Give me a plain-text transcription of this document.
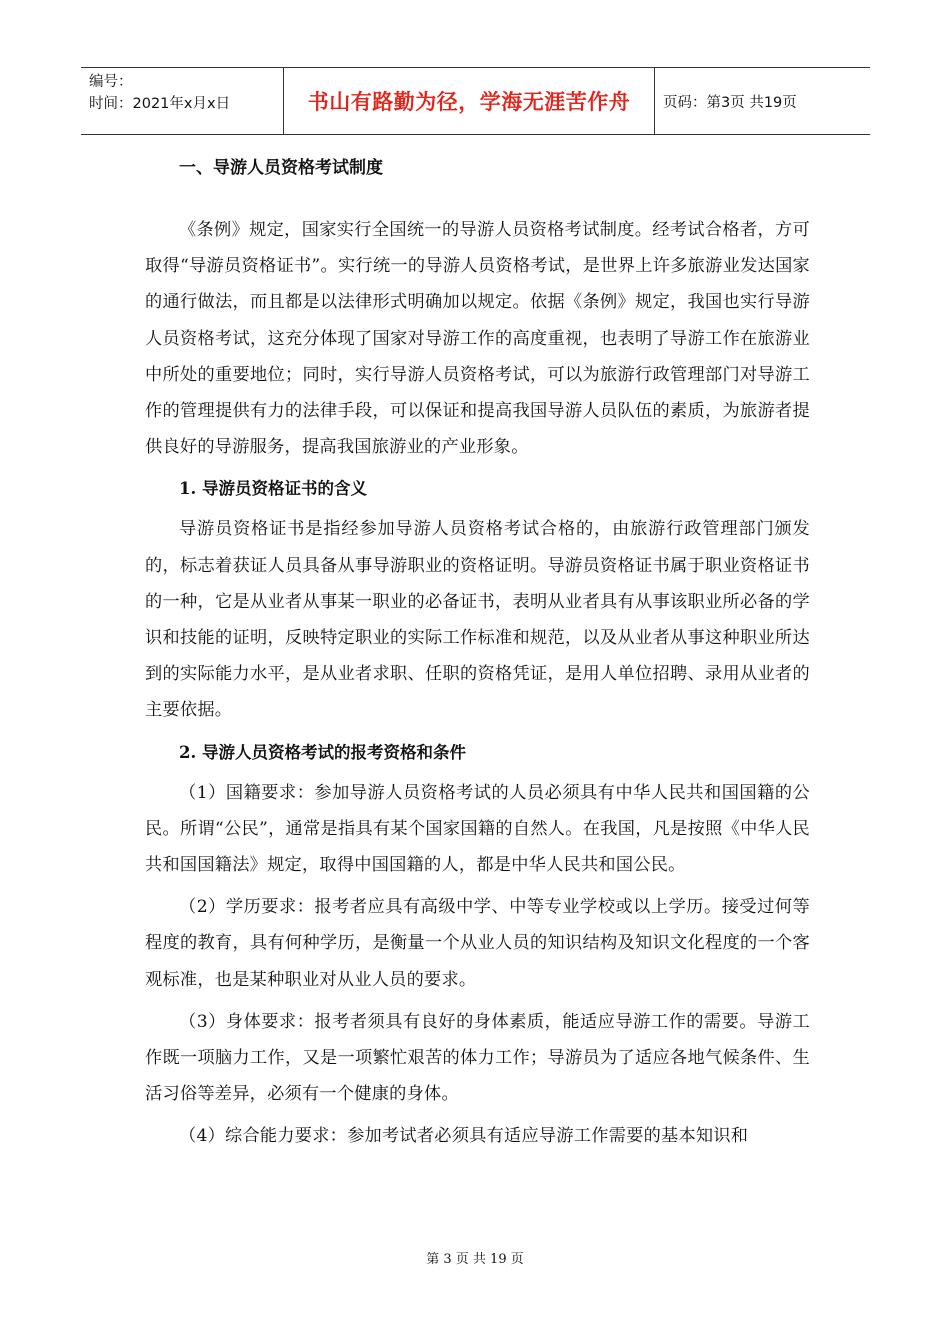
编号：
时间：2021年x月x日	书山有路勤为径，学海无涯苦作舟	页码：第3页 共19页
一、导游人员资格考试制度

《条例》规定，国家实行全国统一的导游人员资格考试制度。经考试合格者，方可取得“导游员资格证书”。实行统一的导游人员资格考试，是世界上许多旅游业发达国家的通行做法，而且都是以法律形式明确加以规定。依据《条例》规定，我国也实行导游人员资格考试，这充分体现了国家对导游工作的高度重视，也表明了导游工作在旅游业中所处的重要地位；同时，实行导游人员资格考试，可以为旅游行政管理部门对导游工作的管理提供有力的法律手段，可以保证和提高我国导游人员队伍的素质，为旅游者提供良好的导游服务，提高我国旅游业的产业形象。

1. 导游员资格证书的含义

导游员资格证书是指经参加导游人员资格考试合格的，由旅游行政管理部门颁发的，标志着获证人员具备从事导游职业的资格证明。导游员资格证书属于职业资格证书的一种，它是从业者从事某一职业的必备证书，表明从业者具有从事该职业所必备的学识和技能的证明，反映特定职业的实际工作标准和规范，以及从业者从事这种职业所达到的实际能力水平，是从业者求职、任职的资格凭证，是用人单位招聘、录用从业者的主要依据。

2. 导游人员资格考试的报考资格和条件

（1）国籍要求：参加导游人员资格考试的人员必须具有中华人民共和国国籍的公民。所谓“公民”，通常是指具有某个国家国籍的自然人。在我国，凡是按照《中华人民共和国国籍法》规定，取得中国国籍的人，都是中华人民共和国公民。

（2）学历要求：报考者应具有高级中学、中等专业学校或以上学历。接受过何等程度的教育，具有何种学历，是衡量一个从业人员的知识结构及知识文化程度的一个客观标准，也是某种职业对从业人员的要求。

（3）身体要求：报考者须具有良好的身体素质，能适应导游工作的需要。导游工作既一项脑力工作，又是一项繁忙艰苦的体力工作；导游员为了适应各地气候条件、生活习俗等差异，必须有一个健康的身体。

（4）综合能力要求：参加考试者必须具有适应导游工作需要的基本知识和

第 3 页 共 19 页
